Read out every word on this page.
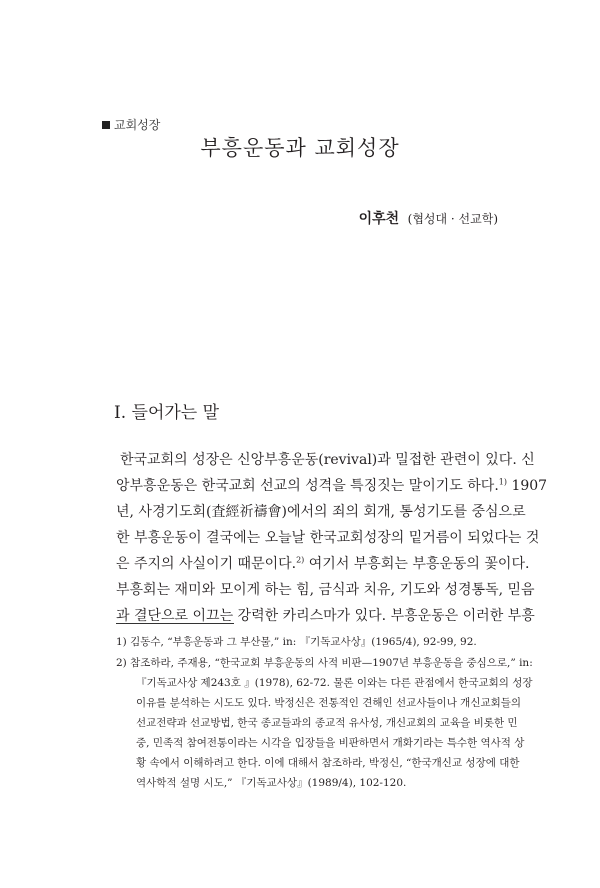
교회성장
부흥운동과 교회성장
이후천 (협성대 · 선교학)
I. 들어가는 말
한국교회의 성장은 신앙부흥운동(revival)과 밀접한 관련이 있다. 신
앙부흥운동은 한국교회 선교의 성격을 특징짓는 말이기도 하다.$^{1)}$ 1907
년, 사경기도회(査經祈禱會)에서의 죄의 회개, 통성기도를 중심으로
한 부흥운동이 결국에는 오늘날 한국교회성장의 밑거름이 되었다는 것
은 주지의 사실이기 때문이다.$^{2)}$ 여기서 부흥회는 부흥운동의 꽃이다.
부흥회는 재미와 모이게 하는 힘, 금식과 치유, 기도와 성경통독, 믿음
과 결단으로 이끄는 강력한 카리스마가 있다. 부흥운동은 이러한 부흥
1) 김동수, “부흥운동과 그 부산물,” in: 『기독교사상』(1965/4), 92-99, 92.
2) 참조하라, 주재용, “한국교회 부흥운동의 사적 비판—1907년 부흥운동을 중심으로,” in:
『기독교사상 제243호 』(1978), 62-72. 물론 이와는 다른 관점에서 한국교회의 성장
이유를 분석하는 시도도 있다. 박정신은 전통적인 견해인 선교사들이나 개신교회들의
선교전략과 선교방법, 한국 종교들과의 종교적 유사성, 개신교회의 교육을 비롯한 민
중, 민족적 참여전통이라는 시각을 입장들을 비판하면서 개화기라는 특수한 역사적 상
황 속에서 이해하려고 한다. 이에 대해서 참조하라, 박정신, “한국개신교 성장에 대한
역사학적 설명 시도,” 『기독교사상』(1989/4), 102-120.
